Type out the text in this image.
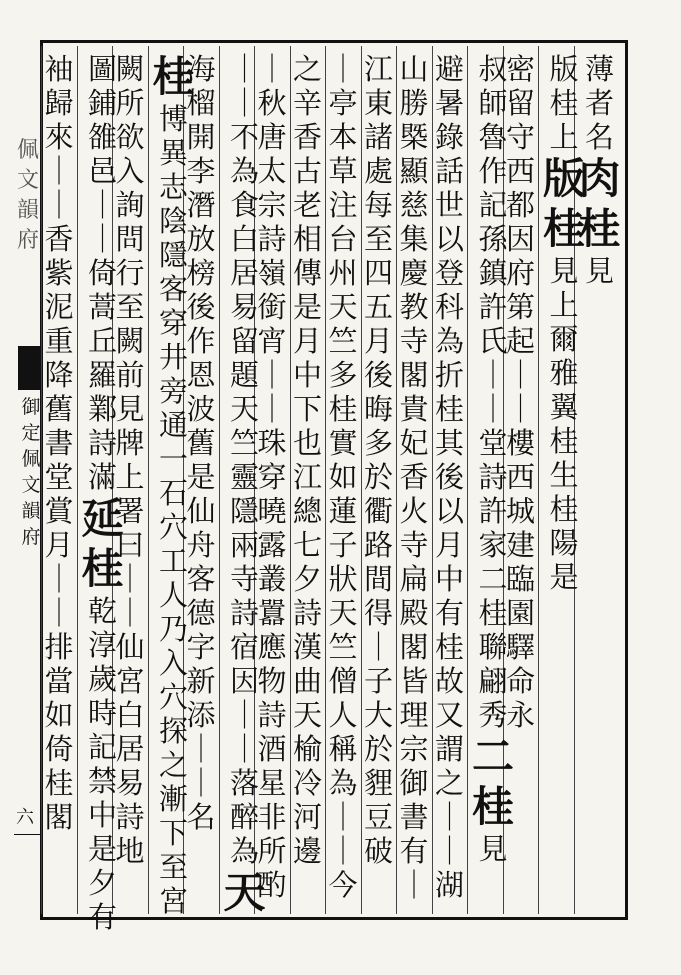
佩
文
韻
府
御
定
佩
文
韻
府
六
薄
者
名
肉
桂
見
版
桂
上
版
桂
見
上
爾
雅
翼
桂
生
桂
陽
是
密
留
守
西
都
因
府
第
起
｜
｜
樓
西
城
建
臨
園
驛
命
永
叔
師
魯
作
記
孫
鎮
許
氏
｜
｜
堂
詩
許
家
二
桂
聯
翩
秀
二
桂
見
避
暑
錄
話
世
以
登
科
為
折
桂
其
後
以
月
中
有
桂
故
又
謂
之
｜
｜
湖
山
勝
槩
顯
慈
集
慶
教
寺
閣
貴
妃
香
火
寺
扁
殿
閣
皆
理
宗
御
書
有
｜
江
東
諸
處
每
至
四
五
月
後
晦
多
於
衢
路
間
得
｜
子
大
於
貍
豆
破
｜
亭
本
草
注
台
州
天
竺
多
桂
實
如
蓮
子
狀
天
竺
僧
人
稱
為
｜
｜
今
之
辛
香
古
老
相
傳
是
月
中
下
也
江
總
七
夕
詩
漢
曲
天
榆
冷
河
邊
｜
秋
唐
太
宗
詩
嶺
銜
宵
｜
｜
珠
穿
曉
露
叢
囂
應
物
詩
酒
星
非
所
酌
｜
｜
不
為
食
白
居
易
留
題
天
竺
靈
隱
兩
寺
詩
宿
因
｜
｜
落
醉
為
天
海
榴
開
李
潛
放
榜
後
作
恩
波
舊
是
仙
舟
客
德
字
新
添
｜
｜
名
桂
博
異
志
陰
隱
客
穿
井
旁
通
一
石
穴
工
人
乃
入
穴
探
之
漸
下
至
宮
闕
所
欲
入
詢
問
行
至
闕
前
見
牌
上
署
曰
｜
｜
仙
宮
白
居
易
詩
地
圖
鋪
雒
邑
｜
｜
倚
蒿
丘
羅
鄴
詩
滿
延
桂
乾
淳
歲
時
記
禁
中
是
夕
有
袖
歸
來
｜
｜
香
紫
泥
重
降
舊
書
堂
賞
月
｜
｜
排
當
如
倚
桂
閣
